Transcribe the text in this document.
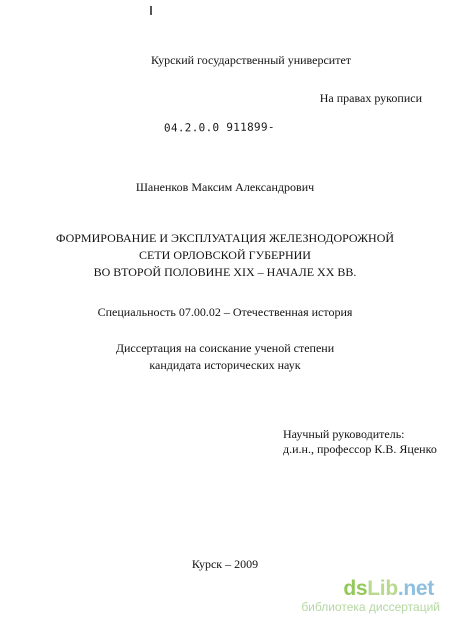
Курский государственный университет
На правах рукописи
04.2.0.0 911899-
Шаненков Максим Александрович
ФОРМИРОВАНИЕ И ЭКСПЛУАТАЦИЯ ЖЕЛЕЗНОДОРОЖНОЙ
СЕТИ ОРЛОВСКОЙ ГУБЕРНИИ
ВО ВТОРОЙ ПОЛОВИНЕ XIX – НАЧАЛЕ XX ВВ.
Специальность 07.00.02 – Отечественная история
Диссертация на соискание ученой степени
кандидата исторических наук
Научный руководитель:
д.и.н., профессор К.В. Яценко
Курск – 2009
dsLib.net
библиотека диссертаций
